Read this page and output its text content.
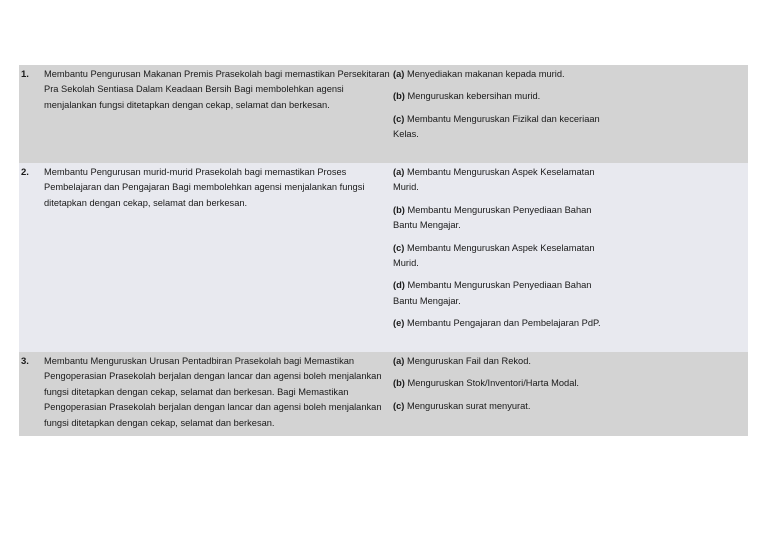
1.	Membantu Pengurusan Makanan Premis Prasekolah bagi memastikan Persekitaran Pra Sekolah Sentiasa Dalam Keadaan Bersih Bagi membolehkan agensi menjalankan fungsi ditetapkan dengan cekap, selamat dan berkesan.
(a) Menyediakan makanan kepada murid.
(b) Menguruskan kebersihan murid.
(c) Membantu Menguruskan Fizikal dan keceriaan Kelas.
2.	Membantu Pengurusan murid-murid Prasekolah bagi memastikan Proses Pembelajaran dan Pengajaran Bagi membolehkan agensi menjalankan fungsi ditetapkan dengan cekap, selamat dan berkesan.
(a) Membantu Menguruskan Aspek Keselamatan Murid.
(b) Membantu Menguruskan Penyediaan Bahan Bantu Mengajar.
(c) Membantu Menguruskan Aspek Keselamatan Murid.
(d) Membantu Menguruskan Penyediaan Bahan Bantu Mengajar.
(e) Membantu Pengajaran dan Pembelajaran PdP.
3.	Membantu Menguruskan Urusan Pentadbiran Prasekolah bagi Memastikan Pengoperasian Prasekolah berjalan dengan lancar dan agensi boleh menjalankan fungsi ditetapkan dengan cekap, selamat dan berkesan. Bagi Memastikan Pengoperasian Prasekolah berjalan dengan lancar dan agensi boleh menjalankan fungsi ditetapkan dengan cekap, selamat dan berkesan.
(a) Menguruskan Fail dan Rekod.
(b) Menguruskan Stok/Inventori/Harta Modal.
(c) Menguruskan surat menyurat.
